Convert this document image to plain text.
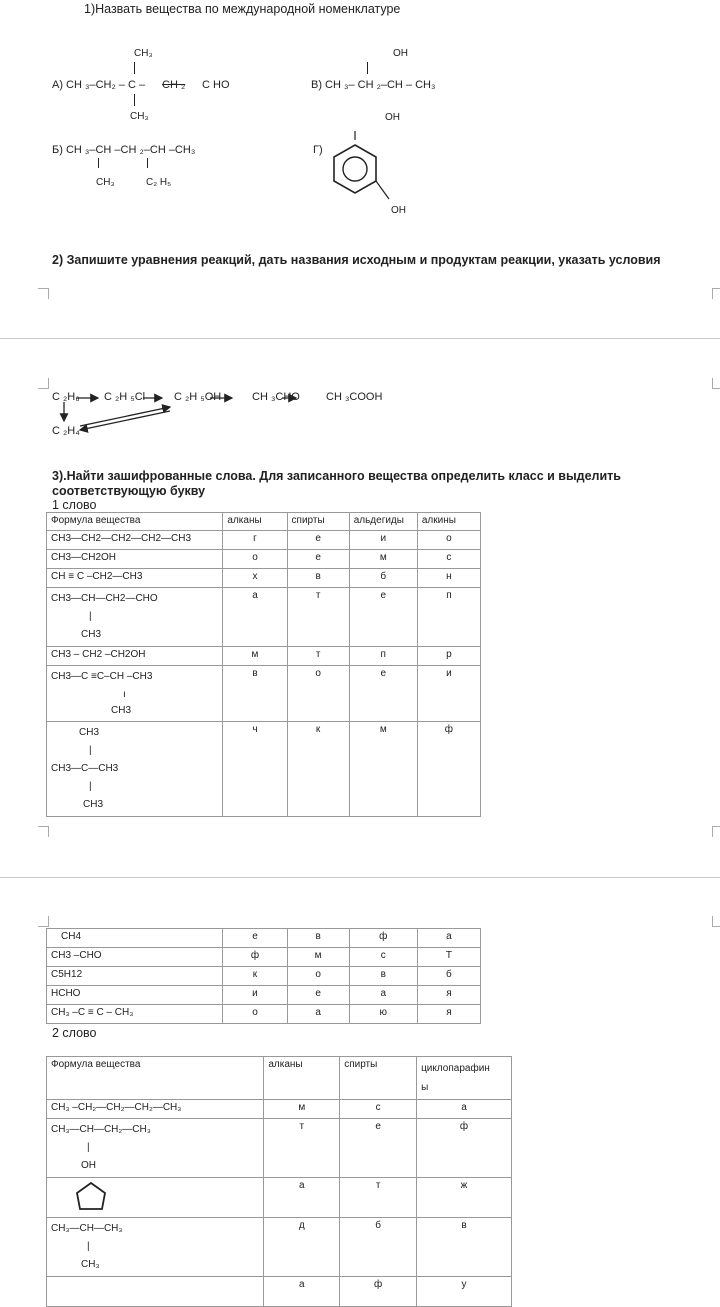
1)Назвать вещества по международной номенклатуре
CH₃
А) CH ₃–CH₂ – C – CH ₂ C HO
CH₃
OH
В) CH ₃– CH ₂–CH – CH₃
OH
Б) CH ₃–CH –CH ₂–CH –CH₃
CH₃	C₂ H₅
Г)
OH
2) Запишите уравнения реакций, дать названия исходным и продуктам реакции, указать условия
C ₂H₆ C ₂H ₅Cl	C ₂H ₅OH	CH ₃CHO CH ₃COOH
C ₂H₄
3).Найти зашифрованные слова. Для записанного вещества определить класс и выделить
соответствующую букву
1 слово
Формула вещества	алканы	спирты	альдегиды	алкины
CH3—CH2—CH2—CH2—CH3	г	е	и	о
CH3—CH2OH	о	е	м	с
CH ≡ C –CH2—CH3	х	в	б	н

CH3—CH—CH2—CHO
|
CH3	а	т	е	п
CH3 – CH2 –CH2OH	м	т	п	р

CH3—C ≡C–CH –CH3
ı
CH3	в	о	е	и

CH3
|
CH3—C—CH3
|
CH3	ч	к	м	ф
CH4	е	в	ф	а
CH3 –CHO	ф	м	с	Т
C5H12	к	о	в	б
HCHO	и	е	а	я
CH₃ –C ≡ C – CH₃	о	а	ю	я
2 слово
Формула вещества	алканы	спирты	циклопарафин
ы

CH₃ –CH₂—CH₂—CH₂—CH₃	м	с	а

CH₃—CH—CH₂—CH₃
|
OH	т	е	ф
	а	т	ж

CH₃—CH—CH₃
|
CH₃	д	б	в
	а	ф	у
